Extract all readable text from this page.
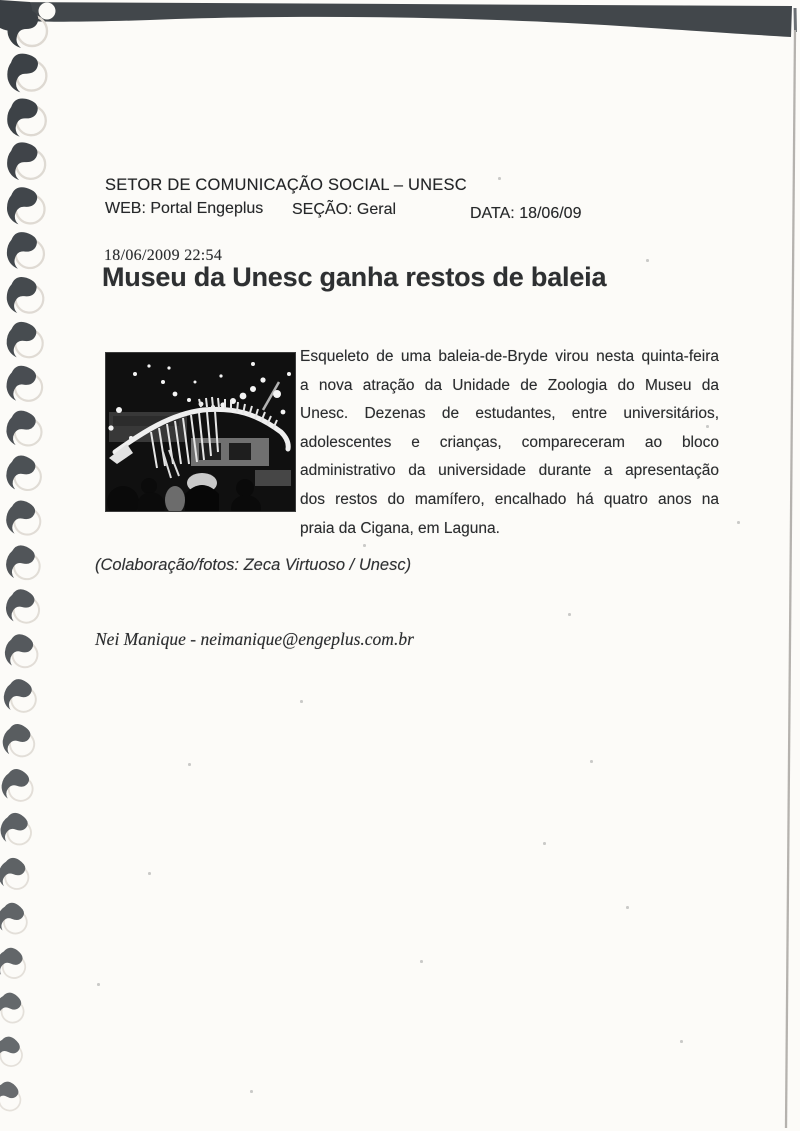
SETOR DE COMUNICAÇÃO SOCIAL – UNESC
WEB: Portal Engeplus SEÇÃO: Geral	DATA: 18/06/09
18/06/2009 22:54
Museu da Unesc ganha restos de baleia
Esqueleto de uma baleia-de-Bryde virou nesta quinta-feira
a nova atração da Unidade de Zoologia do Museu da
Unesc. Dezenas de estudantes, entre universitários,
adolescentes e crianças, compareceram ao bloco
administrativo da universidade durante a apresentação
dos restos do mamífero, encalhado há quatro anos na
praia da Cigana, em Laguna.
(Colaboração/fotos: Zeca Virtuoso / Unesc)
Nei Manique - neimanique@engeplus.com.br
